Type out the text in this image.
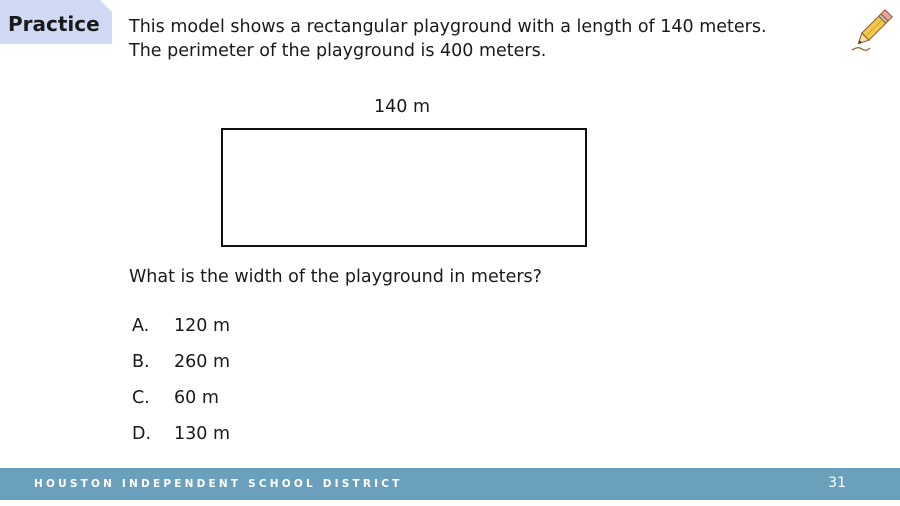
Practice This model shows a rectangular playground with a length of 140 meters. The perimeter of the playground is 400 meters.
140 m
What is the width of the playground in meters?
A.	120 m
B.	260 m
C.	60 m
D.	130 m
HOUSTON INDEPENDENT SCHOOL DISTRICT	31
